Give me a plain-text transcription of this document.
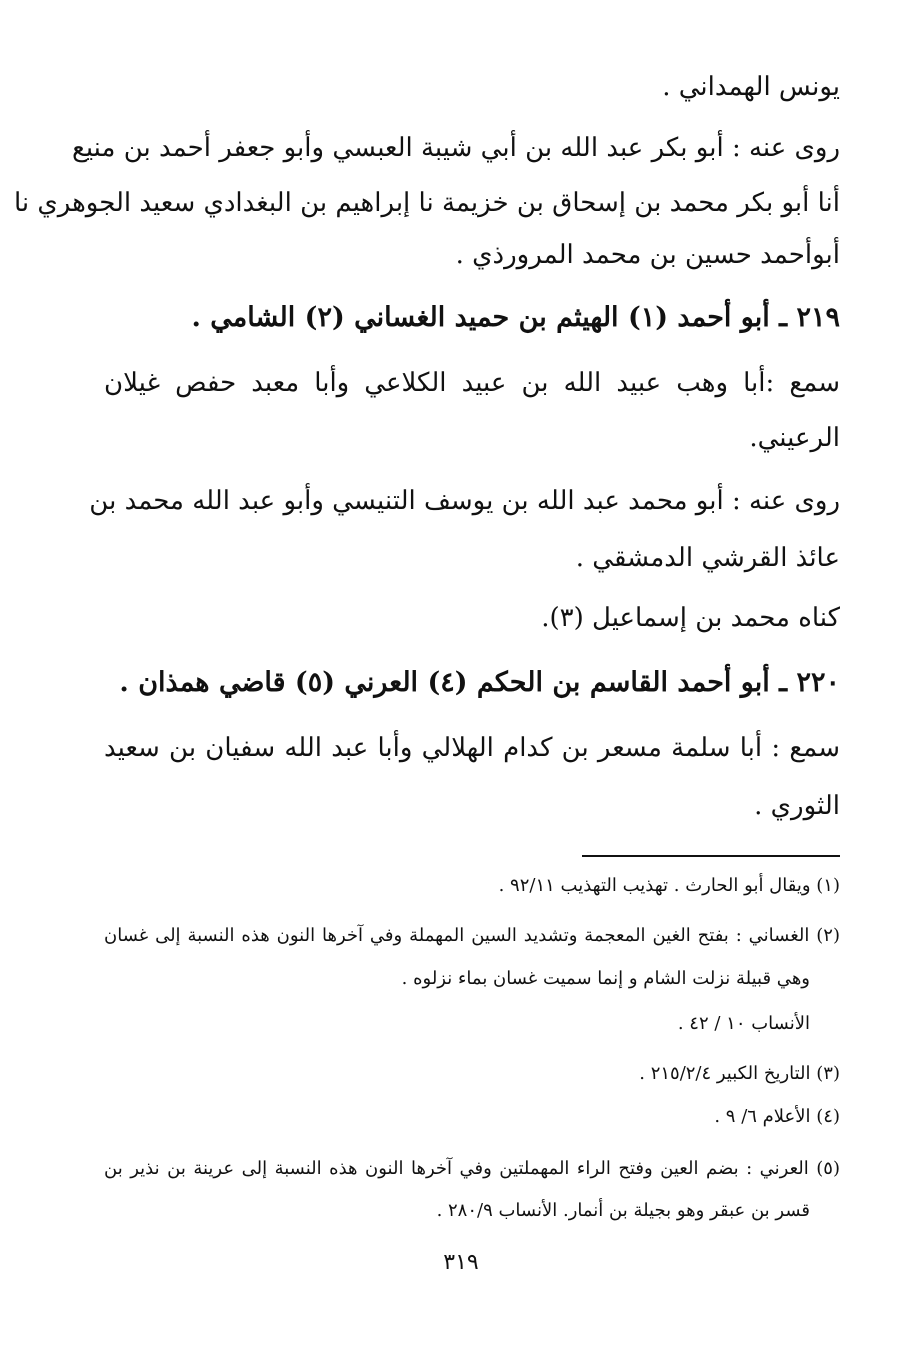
يونس الهمداني .
روى عنه : أبو بكر عبد الله بن أبي شيبة العبسي وأبو جعفر أحمد بن منيع
أنا أبو بكر محمد بن إسحاق بن خزيمة نا إبراهيم بن البغدادي سعيد الجوهري نا
أبوأحمد حسين بن محمد المرورذي .
٢١٩ ـ أبو أحمد (١) الهيثم بن حميد الغساني (٢) الشامي .
سمع :أبا وهب عبيد الله بن عبيد الكلاعي وأبا معبد حفص غيلان
الرعيني.
روى عنه : أبو محمد عبد الله بن يوسف التنيسي وأبو عبد الله محمد بن
عائذ القرشي الدمشقي .
كناه محمد بن إسماعيل (٣).
٢٢٠ ـ أبو أحمد القاسم بن الحكم (٤) العرني (٥) قاضي همذان .
سمع : أبا سلمة مسعر بن كدام الهلالي وأبا عبد الله سفيان بن سعيد
الثوري .
(١) ويقال أبو الحارث . تهذيب التهذيب ٩٢/١١ .
(٢) الغساني : بفتح الغين المعجمة وتشديد السين المهملة وفي آخرها النون هذه النسبة إلى غسان
وهي قبيلة نزلت الشام و إنما سميت غسان بماء نزلوه .
الأنساب ١٠ / ٤٢ .
(٣) التاريخ الكبير ٢١٥/٢/٤ .
(٤) الأعلام ٦/ ٩ .
(٥) العرني : بضم العين وفتح الراء المهملتين وفي آخرها النون هذه النسبة إلى عرينة بن نذير بن
قسر بن عبقر وهو بجيلة بن أنمار. الأنساب ٢٨٠/٩ .
٣١٩
